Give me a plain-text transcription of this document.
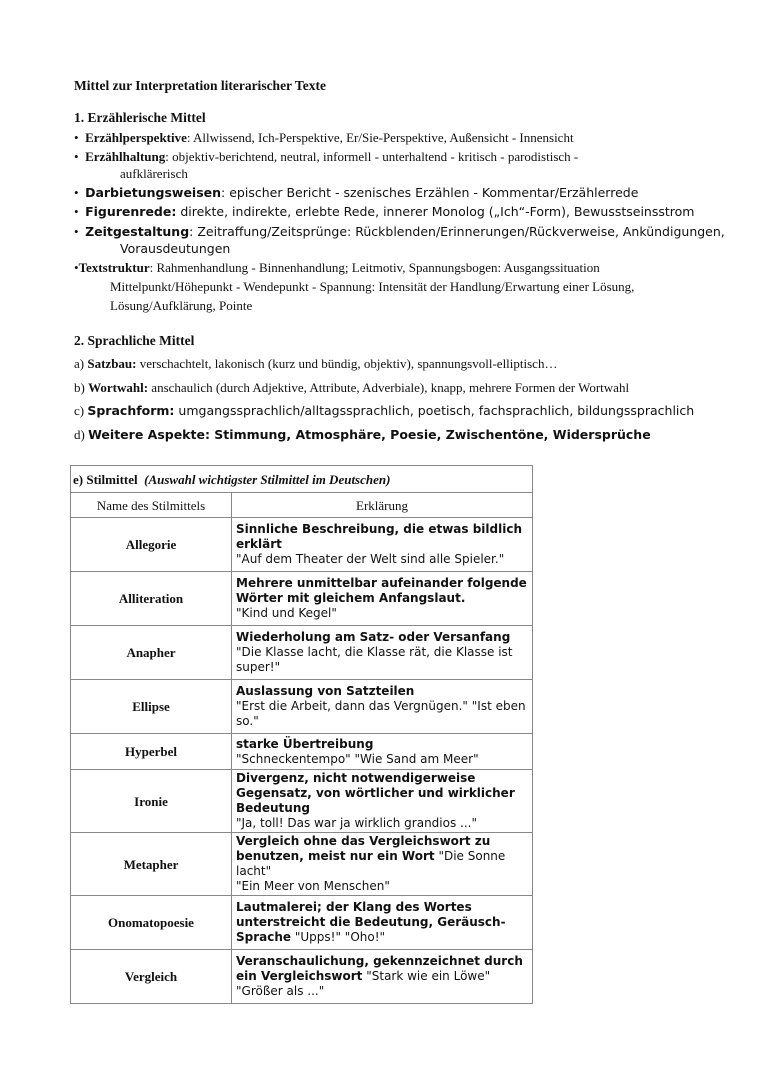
Mittel zur Interpretation literarischer Texte
1. Erzählerische Mittel
• Erzählperspektive: Allwissend, Ich-Perspektive, Er/Sie-Perspektive, Außensicht - Innensicht
• Erzählhaltung: objektiv-berichtend, neutral, informell - unterhaltend - kritisch - parodistisch -
aufklärerisch
• Darbietungsweisen: epischer Bericht - szenisches Erzählen - Kommentar/Erzählerrede
• Figurenrede: direkte, indirekte, erlebte Rede, innerer Monolog („Ich“-Form), Bewusstseinsstrom
• Zeitgestaltung: Zeitraffung/Zeitsprünge: Rückblenden/Erinnerungen/Rückverweise, Ankündigungen,
Vorausdeutungen
•Textstruktur: Rahmenhandlung - Binnenhandlung; Leitmotiv, Spannungsbogen: Ausgangssituation
Mittelpunkt/Höhepunkt - Wendepunkt - Spannung: Intensität der Handlung/Erwartung einer Lösung,
Lösung/Aufklärung, Pointe
2. Sprachliche Mittel
a) Satzbau: verschachtelt, lakonisch (kurz und bündig, objektiv), spannungsvoll-elliptisch…
b) Wortwahl: anschaulich (durch Adjektive, Attribute, Adverbiale), knapp, mehrere Formen der Wortwahl
c) Sprachform: umgangssprachlich/alltagssprachlich, poetisch, fachsprachlich, bildungssprachlich
d) Weitere Aspekte: Stimmung, Atmosphäre, Poesie, Zwischentöne, Widersprüche
e) Stilmittel (Auswahl wichtigster Stilmittel im Deutschen)	
Name des Stilmittels	Erklärung
Allegorie	Sinnliche Beschreibung, die etwas bildlich erklärt
"Auf dem Theater der Welt sind alle Spieler."
Alliteration	Mehrere unmittelbar aufeinander folgende Wörter mit gleichem Anfangslaut.
"Kind und Kegel"
Anapher	Wiederholung am Satz- oder Versanfang
"Die Klasse lacht, die Klasse rät, die Klasse ist super!"
Ellipse	Auslassung von Satzteilen
"Erst die Arbeit, dann das Vergnügen." "Ist eben so."
Hyperbel	starke Übertreibung
"Schneckentempo" "Wie Sand am Meer"
Ironie	Divergenz, nicht notwendigerweise Gegensatz, von wörtlicher und wirklicher Bedeutung
"Ja, toll! Das war ja wirklich grandios ..."
Metapher	Vergleich ohne das Vergleichswort zu benutzen, meist nur ein Wort "Die Sonne lacht"
"Ein Meer von Menschen"
Onomatopoesie	Lautmalerei; der Klang des Wortes unterstreicht die Bedeutung, Geräusch-Sprache "Upps!" "Oho!"
Vergleich	Veranschaulichung, gekennzeichnet durch ein Vergleichswort "Stark wie ein Löwe" "Größer als ..."
